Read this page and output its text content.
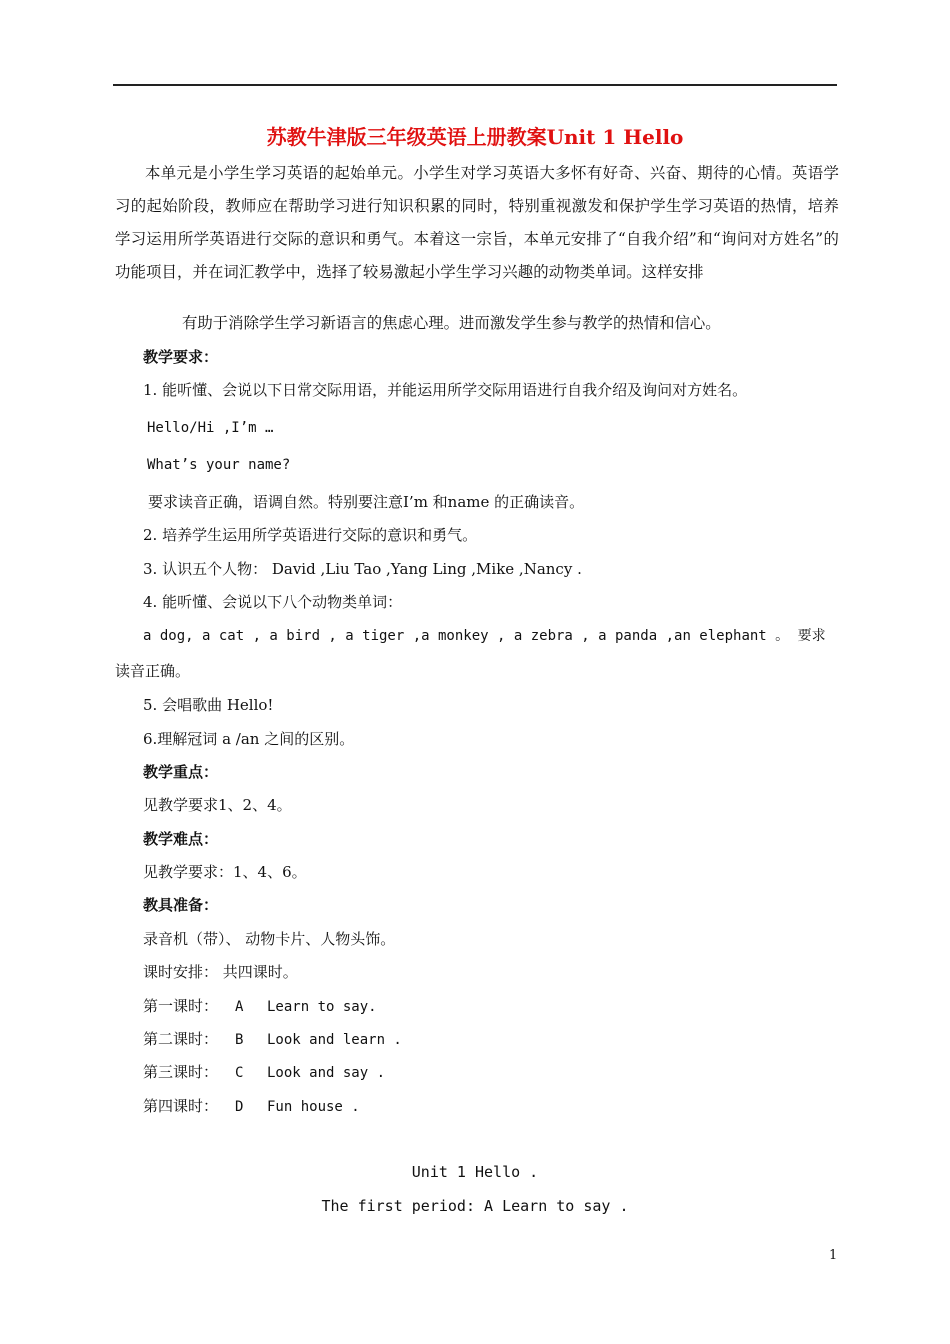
苏教牛津版三年级英语上册教案Unit 1 Hello
本单元是小学生学习英语的起始单元。小学生对学习英语大多怀有好奇、兴奋、期待的心情。英语学习的起始阶段，教师应在帮助学习进行知识积累的同时，特别重视激发和保护学生学习英语的热情，培养学习运用所学英语进行交际的意识和勇气。本着这一宗旨，本单元安排了“自我介绍”和“询问对方姓名”的功能项目，并在词汇教学中，选择了较易激起小学生学习兴趣的动物类单词。这样安排
有助于消除学生学习新语言的焦虑心理。进而激发学生参与教学的热情和信心。
教学要求：
1. 能听懂、会说以下日常交际用语，并能运用所学交际用语进行自我介绍及询问对方姓名。
Hello/Hi ,I’m …
What’s your name?
要求读音正确，语调自然。特别要注意I’m 和name 的正确读音。
2. 培养学生运用所学英语进行交际的意识和勇气。
3. 认识五个人物： David ,Liu Tao ,Yang Ling ,Mike ,Nancy .
4. 能听懂、会说以下八个动物类单词：
a dog, a cat , a bird , a tiger ,a monkey , a zebra , a panda ,an elephant 。 要求
读音正确。
5. 会唱歌曲 Hello!
6.理解冠词 a /an 之间的区别。
教学重点：
见教学要求1、2、4。
教学难点：
见教学要求：1、4、6。
教具准备：
录音机（带）、 动物卡片、人物头饰。
课时安排： 共四课时。
第一课时： A Learn to say.
第二课时： B Look and learn .
第三课时： C Look and say .
第四课时： D Fun house .
Unit 1 Hello .
The first period: A Learn to say .
1
